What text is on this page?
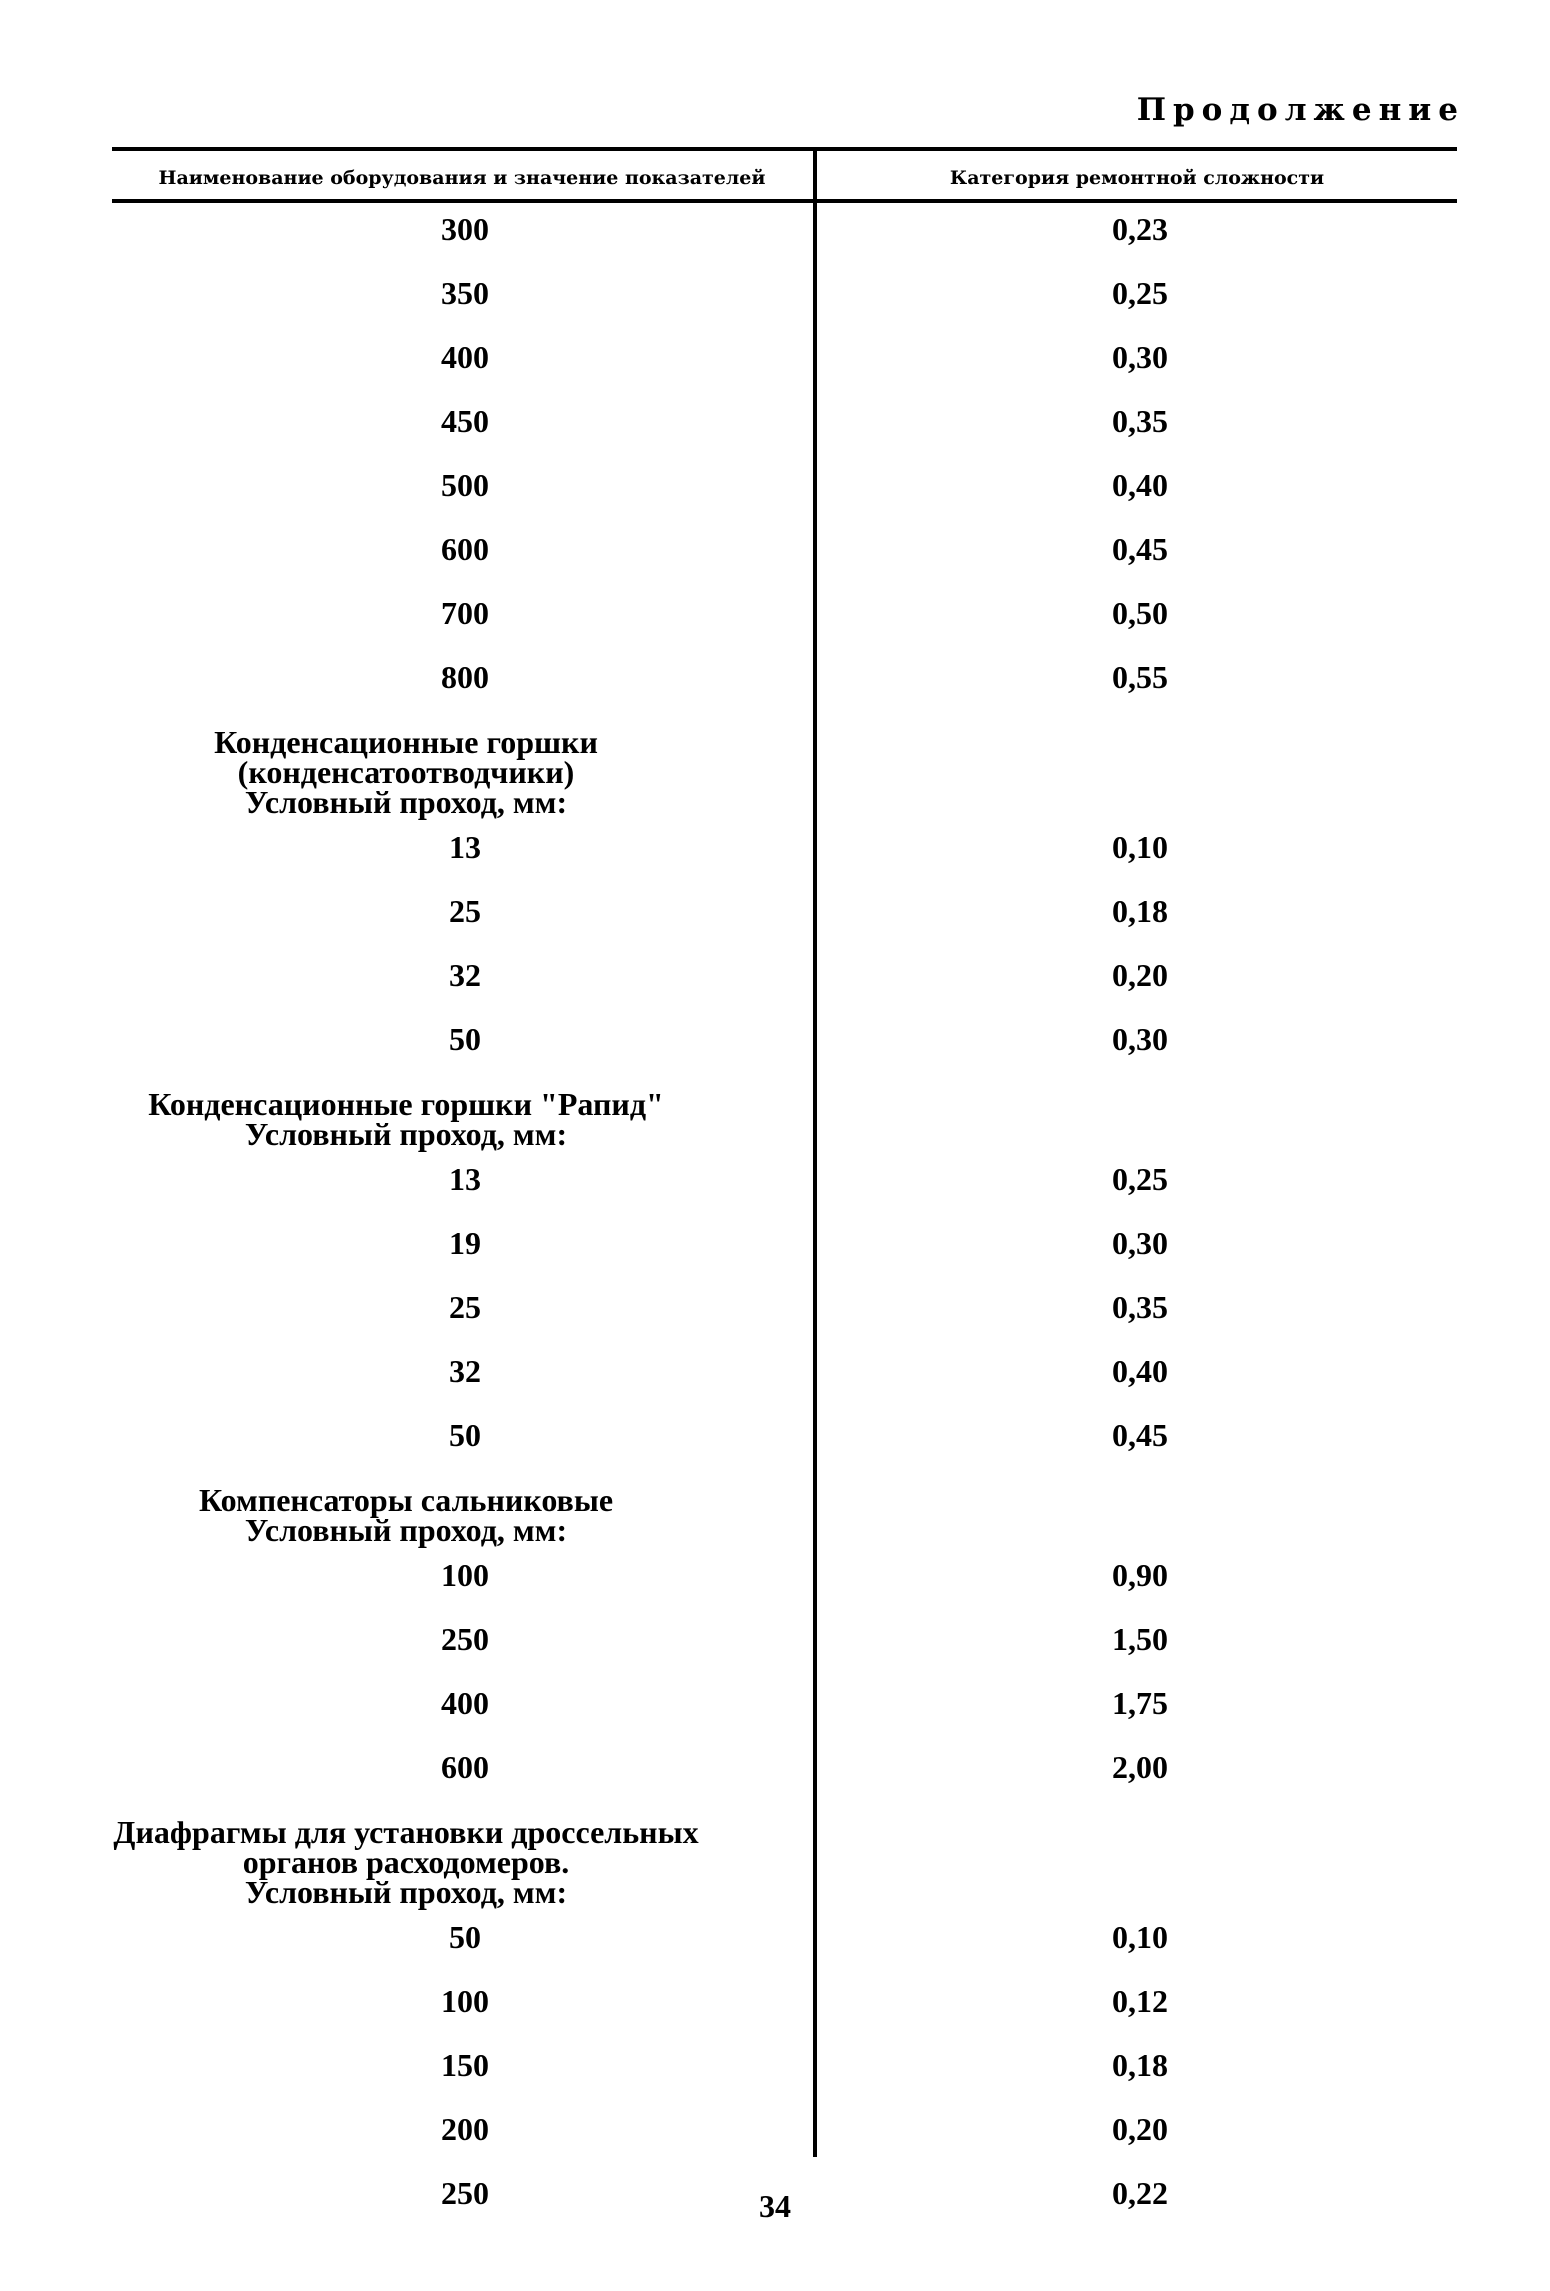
Продолжение
Наименование оборудования и значение показателей	Категория ремонтной сложности
300	0,23
350	0,25
400	0,30
450	0,35
500	0,40
600	0,45
700	0,50
800	0,55
Конденсационные горшки
(конденсатоотводчики)
Условный проход, мм:
13	0,10
25	0,18
32	0,20
50	0,30
Конденсационные горшки "Рапид"
Условный проход, мм:
13	0,25
19	0,30
25	0,35
32	0,40
50	0,45
Компенсаторы сальниковые
Условный проход, мм:
100	0,90
250	1,50
400	1,75
600	2,00
Диафрагмы для установки дроссельных
органов расходомеров.
Условный проход, мм:
50	0,10
100	0,12
150	0,18
200	0,20
250	0,22
34
